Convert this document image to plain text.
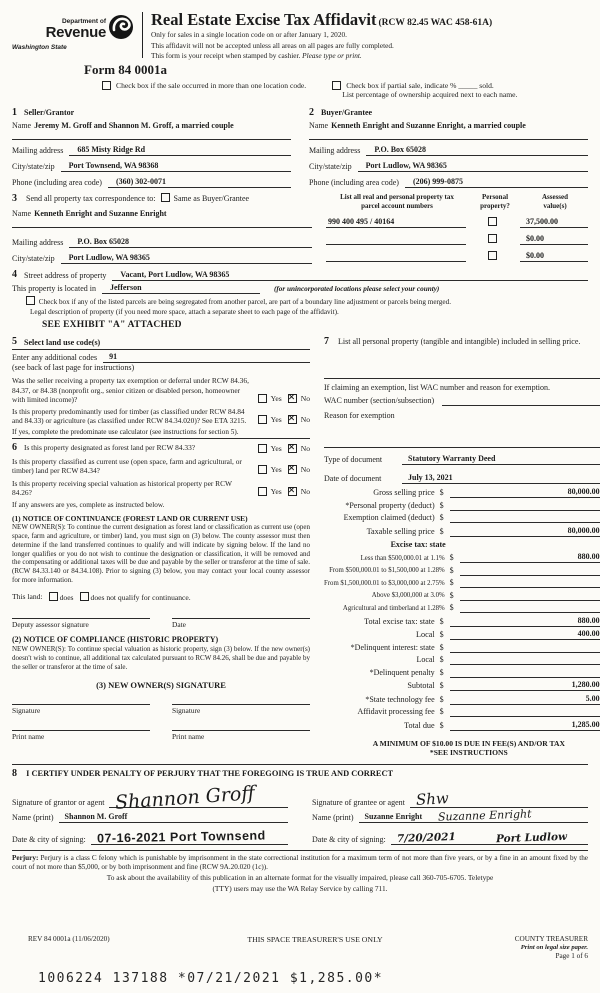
Department of
Revenue
Washington State
Real Estate Excise Tax Affidavit (RCW 82.45 WAC 458-61A)
Only for sales in a single location code on or after January 1, 2020.
This affidavit will not be accepted unless all areas on all pages are fully completed.
This form is your receipt when stamped by cashier. Please type or print.
Form 84 0001a
Check box if the sale occurred in more than one location code.	Check box if partial sale, indicate % _____ sold.
List percentage of ownership acquired next to each name.
1 Seller/Grantor
Name Jeremy M. Groff and Shannon M. Groff, a married couple
Mailing address	685 Misty Ridge Rd
City/state/zip	Port Townsend, WA 98368
Phone (including area code)	(360) 302-0071
2 Buyer/Grantee
Name Kenneth Enright and Suzanne Enright, a married couple
Mailing address	P.O. Box 65028
City/state/zip	Port Ludlow, WA 98365
Phone (including area code)	(206) 999-0875
3 Send all property tax correspondence to: Same as Buyer/Grantee
Name Kenneth Enright and Suzanne Enright
Mailing address	P.O. Box 65028
City/state/zip	Port Ludlow, WA 98365
List all real and personal property tax
parcel account numbers
Personal
property?
Assessed
value(s)
990 400 495 / 40164	37,500.00
$0.00
$0.00
4 Street address of property	Vacant, Port Ludlow, WA 98365
This property is located in	Jefferson	(for unincorporated locations please select your county)
Check box if any of the listed parcels are being segregated from another parcel, are part of a boundary line adjustment or parcels being merged.
Legal description of property (if you need more space, attach a separate sheet to each page of the affidavit).
SEE EXHIBIT "A" ATTACHED
5 Select land use code(s)
Enter any additional codes	91
(see back of last page for instructions)
Was the seller receiving a property tax exemption or deferral under RCW 84.36, 84.37, or 84.38 (nonprofit org., senior citizen or disabled person, homeowner with limited income)?	Yes ✕	No
Is this property predominantly used for timber (as classified under RCW 84.84 and 84.33) or agriculture (as classified under RCW 84.34.020)? See ETA 3215.	Yes ✕	No
If yes, complete the predominate use calculator (see instructions for section 5).
6 Is this property designated as forest land per RCW 84.33?	Yes ✕	No
Is this property classified as current use (open space, farm and agricultural, or timber) land per RCW 84.34?	Yes ✕	No
Is this property receiving special valuation as historical property per RCW 84.26?	Yes ✕	No
If any answers are yes, complete as instructed below.
(1) NOTICE OF CONTINUANCE (FOREST LAND OR CURRENT USE)
NEW OWNER(S): To continue the current designation as forest land or classification as current use (open space, farm and agriculture, or timber) land, you must sign on (3) below. The county assessor must then determine if the land transferred continues to qualify and will indicate by signing below. If the land no longer qualifies or you do not wish to continue the designation or classification, it will be removed and the compensating or additional taxes will be due and payable by the seller or transferor at the time of sale. (RCW 84.33.140 or 84.34.108). Prior to signing (3) below, you may contact your local county assessor for more information.
This land:	does	does not qualify for continuance.
Deputy assessor signature	Date
(2) NOTICE OF COMPLIANCE (HISTORIC PROPERTY)
NEW OWNER(S): To continue special valuation as historic property, sign (3) below. If the new owner(s) doesn't wish to continue, all additional tax calculated pursuant to RCW 84.26, shall be due and payable by the seller or transferor at the time of sale.
(3) NEW OWNER(S) SIGNATURE
Signature	Signature
Print name	Print name
7 List all personal property (tangible and intangible) included in selling price.
If claiming an exemption, list WAC number and reason for exemption.
WAC number (section/subsection)
Reason for exemption
Type of document	Statutory Warranty Deed
Date of document	July 13, 2021
Gross selling price $	80,000.00
*Personal property (deduct) $
Exemption claimed (deduct) $
Taxable selling price $	80,000.00
Excise tax: state
Less than $500,000.01 at 1.1% $	880.00
From $500,000.01 to $1,500,000 at 1.28% $
From $1,500,000.01 to $3,000,000 at 2.75% $
Above $3,000,000 at 3.0% $
Agricultural and timberland at 1.28% $
Total excise tax: state $	880.00
Local $	400.00
*Delinquent interest: state $
Local $
*Delinquent penalty $
Subtotal $	1,280.00
*State technology fee $	5.00
Affidavit processing fee $
Total due $	1,285.00
A MINIMUM OF $10.00 IS DUE IN FEE(S) AND/OR TAX
*SEE INSTRUCTIONS
8 I CERTIFY UNDER PENALTY OF PERJURY THAT THE FOREGOING IS TRUE AND CORRECT
Signature of grantor or agent Shannon Groff
Name (print)	Shannon M. Groff
Date & city of signing: 07-16-2021 Port Townsend
Signature of grantee or agent Shw
Name (print)	Suzanne Enright Suzanne Enright
Date & city of signing:	7/20/2021	Port Ludlow
Perjury: Perjury is a class C felony which is punishable by imprisonment in the state correctional institution for a maximum term of not more than five years, or by a fine in an amount fixed by the court of not more than $5,000, or by both imprisonment and fine (RCW 9A.20.020 (1c)).
To ask about the availability of this publication in an alternate format for the visually impaired, please call 360-705-6705. Teletype
(TTY) users may use the WA Relay Service by calling 711.
REV 84 0001a (11/06/2020)	THIS SPACE TREASURER'S USE ONLY	COUNTY TREASURER
Print on legal size paper.
Page 1 of 6
1006224 137188 *07/21/2021 $1,285.00*
